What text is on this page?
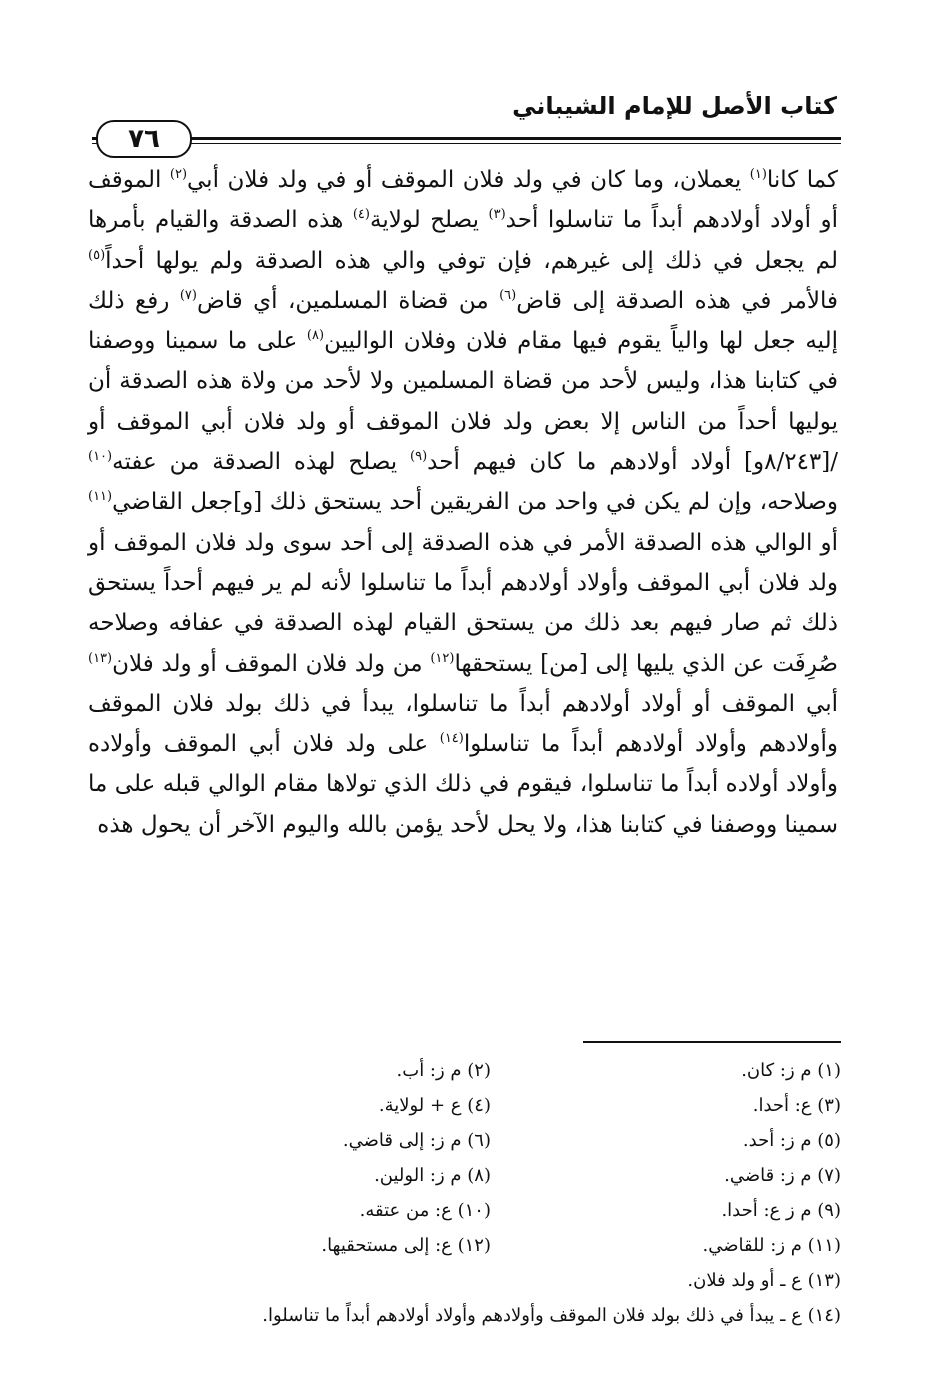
كتاب الأصل للإمام الشيباني
٧٦

كما كانا$^{(١)}$ يعملان، وما كان في ولد فلان الموقف أو في ولد فلان أبي$^{(٢)}$ الموقف أو أولاد أولادهم أبداً ما تناسلوا أحد$^{(٣)}$ يصلح لولاية$^{(٤)}$ هذه الصدقة والقيام بأمرها لم يجعل في ذلك إلى غيرهم، فإن توفي والي هذه الصدقة ولم يولها أحداً$^{(٥)}$ فالأمر في هذه الصدقة إلى قاض$^{(٦)}$ من قضاة المسلمين، أي قاض$^{(٧)}$ رفع ذلك إليه جعل لها والياً يقوم فيها مقام فلان وفلان الواليين$^{(٨)}$ على ما سمينا ووصفنا في كتابنا هذا، وليس لأحد من قضاة المسلمين ولا لأحد من ولاة هذه الصدقة أن يوليها أحداً من الناس إلا بعض ولد فلان الموقف أو ولد فلان أبي الموقف أو /[٨/٢٤٣و] أولاد أولادهم ما كان فيهم أحد$^{(٩)}$ يصلح لهذه الصدقة من عفته$^{(١٠)}$ وصلاحه، وإن لم يكن في واحد من الفريقين أحد يستحق ذلك [و]جعل القاضي$^{(١١)}$ أو الوالي هذه الصدقة الأمر في هذه الصدقة إلى أحد سوى ولد فلان الموقف أو ولد فلان أبي الموقف وأولاد أولادهم أبداً ما تناسلوا لأنه لم ير فيهم أحداً يستحق ذلك ثم صار فيهم بعد ذلك من يستحق القيام لهذه الصدقة في عفافه وصلاحه صُرِفَت عن الذي يليها إلى [من] يستحقها$^{(١٢)}$ من ولد فلان الموقف أو ولد فلان$^{(١٣)}$ أبي الموقف أو أولاد أولادهم أبداً ما تناسلوا، يبدأ في ذلك بولد فلان الموقف وأولادهم وأولاد أولادهم أبداً ما تناسلوا$^{(١٤)}$ على ولد فلان أبي الموقف وأولاده وأولاد أولاده أبداً ما تناسلوا، فيقوم في ذلك الذي تولاها مقام الوالي قبله على ما سمينا ووصفنا في كتابنا هذا، ولا يحل لأحد يؤمن بالله واليوم الآخر أن يحول هذه

(١) م ز: كان.
(٢) م ز: أب.
(٣) ع: أحدا.
(٤) ع + لولاية.
(٥) م ز: أحد.
(٦) م ز: إلى قاضي.
(٧) م ز: قاضي.
(٨) م ز: الولين.
(٩) م ز ع: أحدا.
(١٠) ع: من عتقه.
(١١) م ز: للقاضي.
(١٢) ع: إلى مستحقيها.
(١٣) ع ـ أو ولد فلان.
(١٤) ع ـ يبدأ في ذلك بولد فلان الموقف وأولادهم وأولاد أولادهم أبداً ما تناسلوا.
